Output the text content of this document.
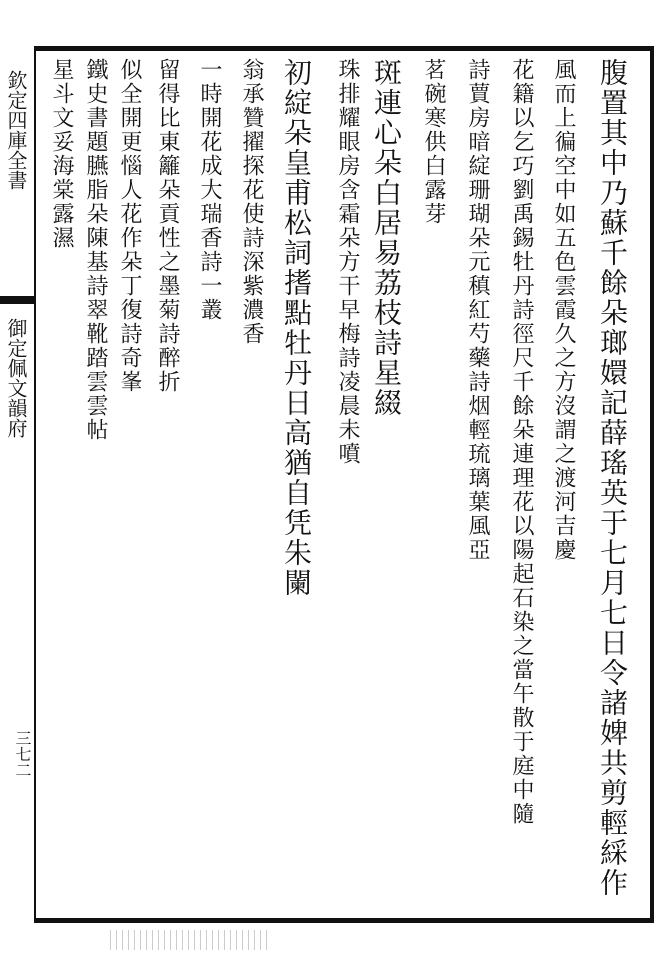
欽定四庫全書
御定佩文韻府
三七二	腹置其中乃蘇千餘朵瑯嬛記薛瑤英于七月七日令諸婢共剪輕綵作
風而上徧空中如五色雲霞久之方沒謂之渡河吉慶
花籍以乞巧劉禹錫牡丹詩徑尺千餘朵連理花以陽起石染之當午散于庭中隨
詩蕒房暗綻珊瑚朵元稹紅芍藥詩烟輕琉璃葉風亞
茗碗寒供白露芽
斑連心朵白居易荔枝詩星綴
珠排耀眼房含霜朵方干早梅詩凌晨未噴
初綻朵皇甫松詞搘點牡丹日高猶自凭朱闌
翁承贊擢探花使詩深紫濃香
一時開花成大瑞香詩一叢
留得比東籬朵貢性之墨菊詩醉折
似全開更惱人花作朵丁復詩奇峯
鐵史書題臙脂朵陳基詩翠靴踏雲雲帖
星斗文妥海棠露濕
